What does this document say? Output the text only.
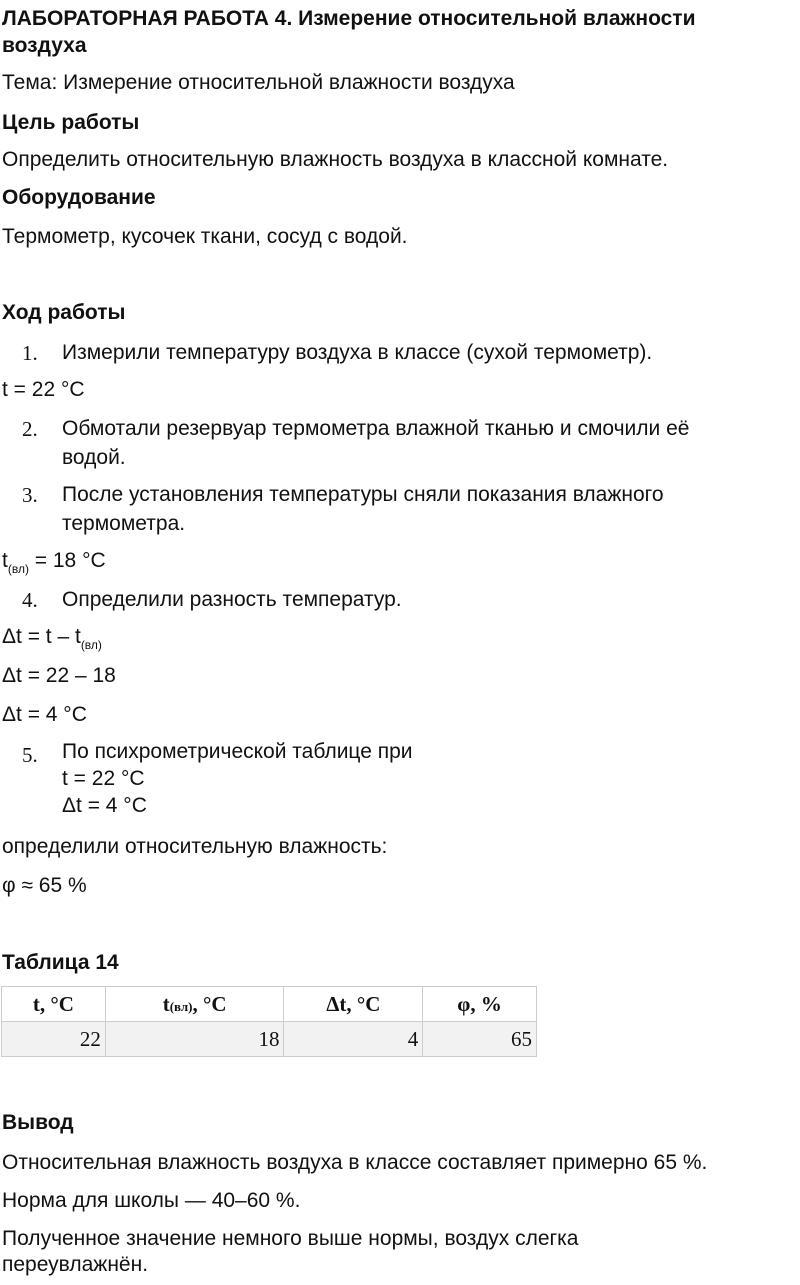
ЛАБОРАТОРНАЯ РАБОТА 4. Измерение относительной влажности
воздуха
Тема: Измерение относительной влажности воздуха
Цель работы
Определить относительную влажность воздуха в классной комнате.
Оборудование
Термометр, кусочек ткани, сосуд с водой.
Ход работы
1. Измерили температуру воздуха в классе (сухой термометр).
t = 22 °C
2. Обмотали резервуар термометра влажной тканью и смочили её
водой.
3. После установления температуры сняли показания влажного
термометра.
$t_{(вл)} = 18$ °C
4. Определили разность температур.
$\Delta t = t - t_{(вл)}$
Δt = 22 – 18
Δt = 4 °C
5. По психрометрической таблице при
t = 22 °C
Δt = 4 °C
определили относительную влажность:
φ ≈ 65 %
Таблица 14
t, °C	t(вл), °C	Δt, °C	φ, %
22	18	4	65
Вывод
Относительная влажность воздуха в классе составляет примерно 65 %.
Норма для школы — 40–60 %.
Полученное значение немного выше нормы, воздух слегка
переувлажнён.
